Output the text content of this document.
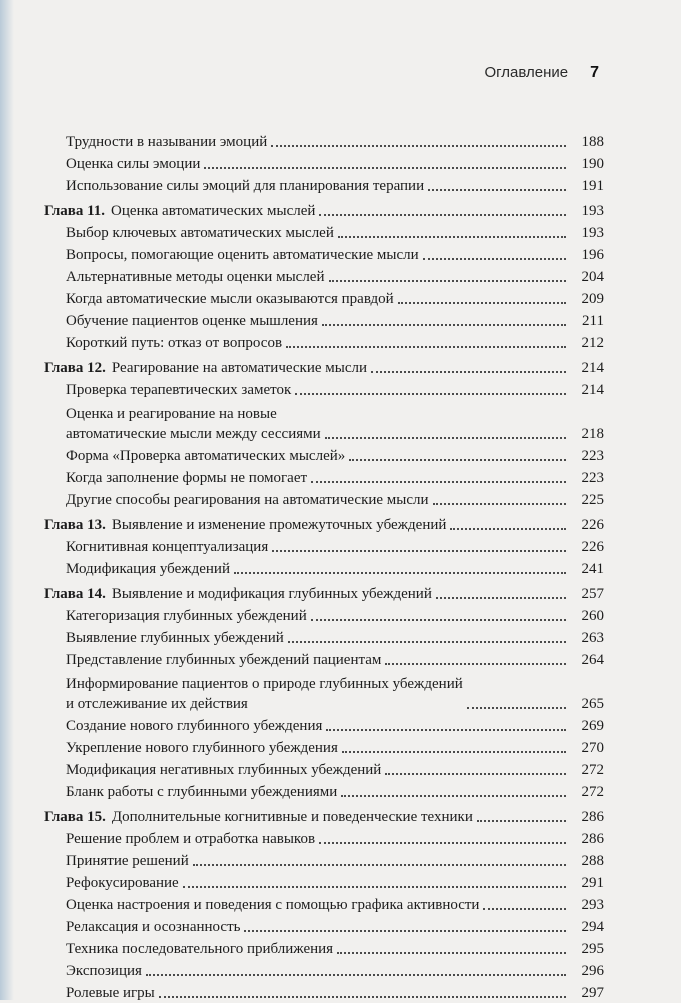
Оглавление 7
Трудности в назывании эмоций	188
Оценка силы эмоции	190
Использование силы эмоций для планирования терапии	191
Глава 11. Оценка автоматических мыслей	193
Выбор ключевых автоматических мыслей	193
Вопросы, помогающие оценить автоматические мысли	196
Альтернативные методы оценки мыслей	204
Когда автоматические мысли оказываются правдой	209
Обучение пациентов оценке мышления	211
Короткий путь: отказ от вопросов	212
Глава 12. Реагирование на автоматические мысли	214
Проверка терапевтических заметок	214
Оценка и реагирование на новые
автоматические мысли между сессиями	218
Форма «Проверка автоматических мыслей»	223
Когда заполнение формы не помогает	223
Другие способы реагирования на автоматические мысли	225
Глава 13. Выявление и изменение промежуточных убеждений	226
Когнитивная концептуализация	226
Модификация убеждений	241
Глава 14. Выявление и модификация глубинных убеждений	257
Категоризация глубинных убеждений	260
Выявление глубинных убеждений	263
Представление глубинных убеждений пациентам	264
Информирование пациентов о природе глубинных убеждений
и отслеживание их действия	265
Создание нового глубинного убеждения	269
Укрепление нового глубинного убеждения	270
Модификация негативных глубинных убеждений	272
Бланк работы с глубинными убеждениями	272
Глава 15. Дополнительные когнитивные и поведенческие техники	286
Решение проблем и отработка навыков	286
Принятие решений	288
Рефокусирование	291
Оценка настроения и поведения с помощью графика активности	293
Релаксация и осознанность	294
Техника последовательного приближения	295
Экспозиция	296
Ролевые игры	297
